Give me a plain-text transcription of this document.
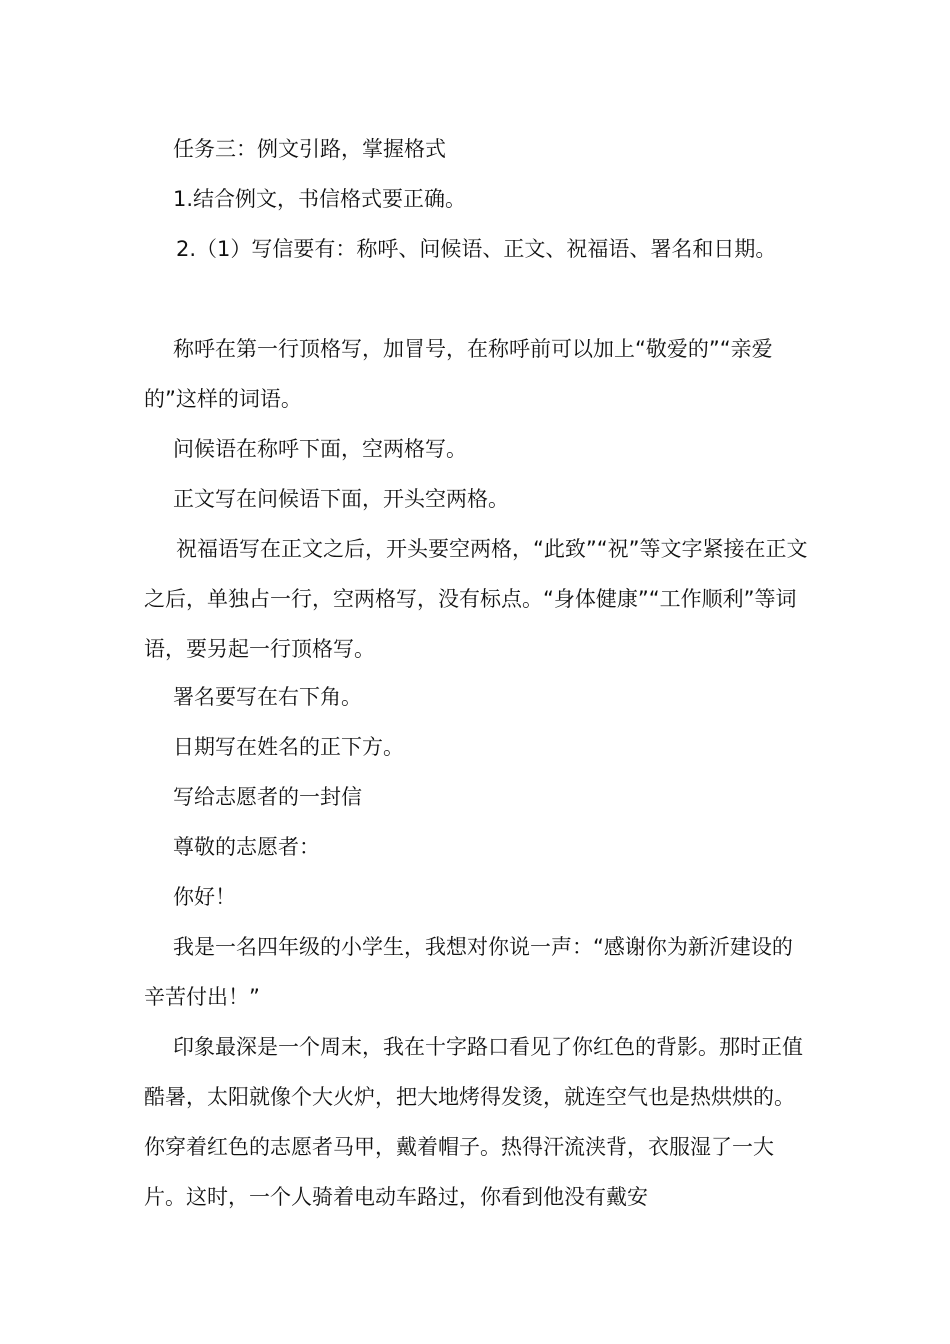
任务三：例文引路，掌握格式

1.结合例文，书信格式要正确。

2.（1）写信要有：称呼、问候语、正文、祝福语、署名和日期。

称呼在第一行顶格写，加冒号，在称呼前可以加上“敬爱的”“亲爱的”这样的词语。

问候语在称呼下面，空两格写。

正文写在问候语下面，开头空两格。

祝福语写在正文之后，开头要空两格，“此致”“祝”等文字紧接在正文之后，单独占一行，空两格写，没有标点。“身体健康”“工作顺利”等词语，要另起一行顶格写。

署名要写在右下角。

日期写在姓名的正下方。

写给志愿者的一封信

尊敬的志愿者：

你好！

我是一名四年级的小学生，我想对你说一声：“感谢你为新沂建设的辛苦付出！”

印象最深是一个周末，我在十字路口看见了你红色的背影。那时正值酷暑，太阳就像个大火炉，把大地烤得发烫，就连空气也是热烘烘的。你穿着红色的志愿者马甲，戴着帽子。热得汗流浃背，衣服湿了一大片。这时，一个人骑着电动车路过，你看到他没有戴安
